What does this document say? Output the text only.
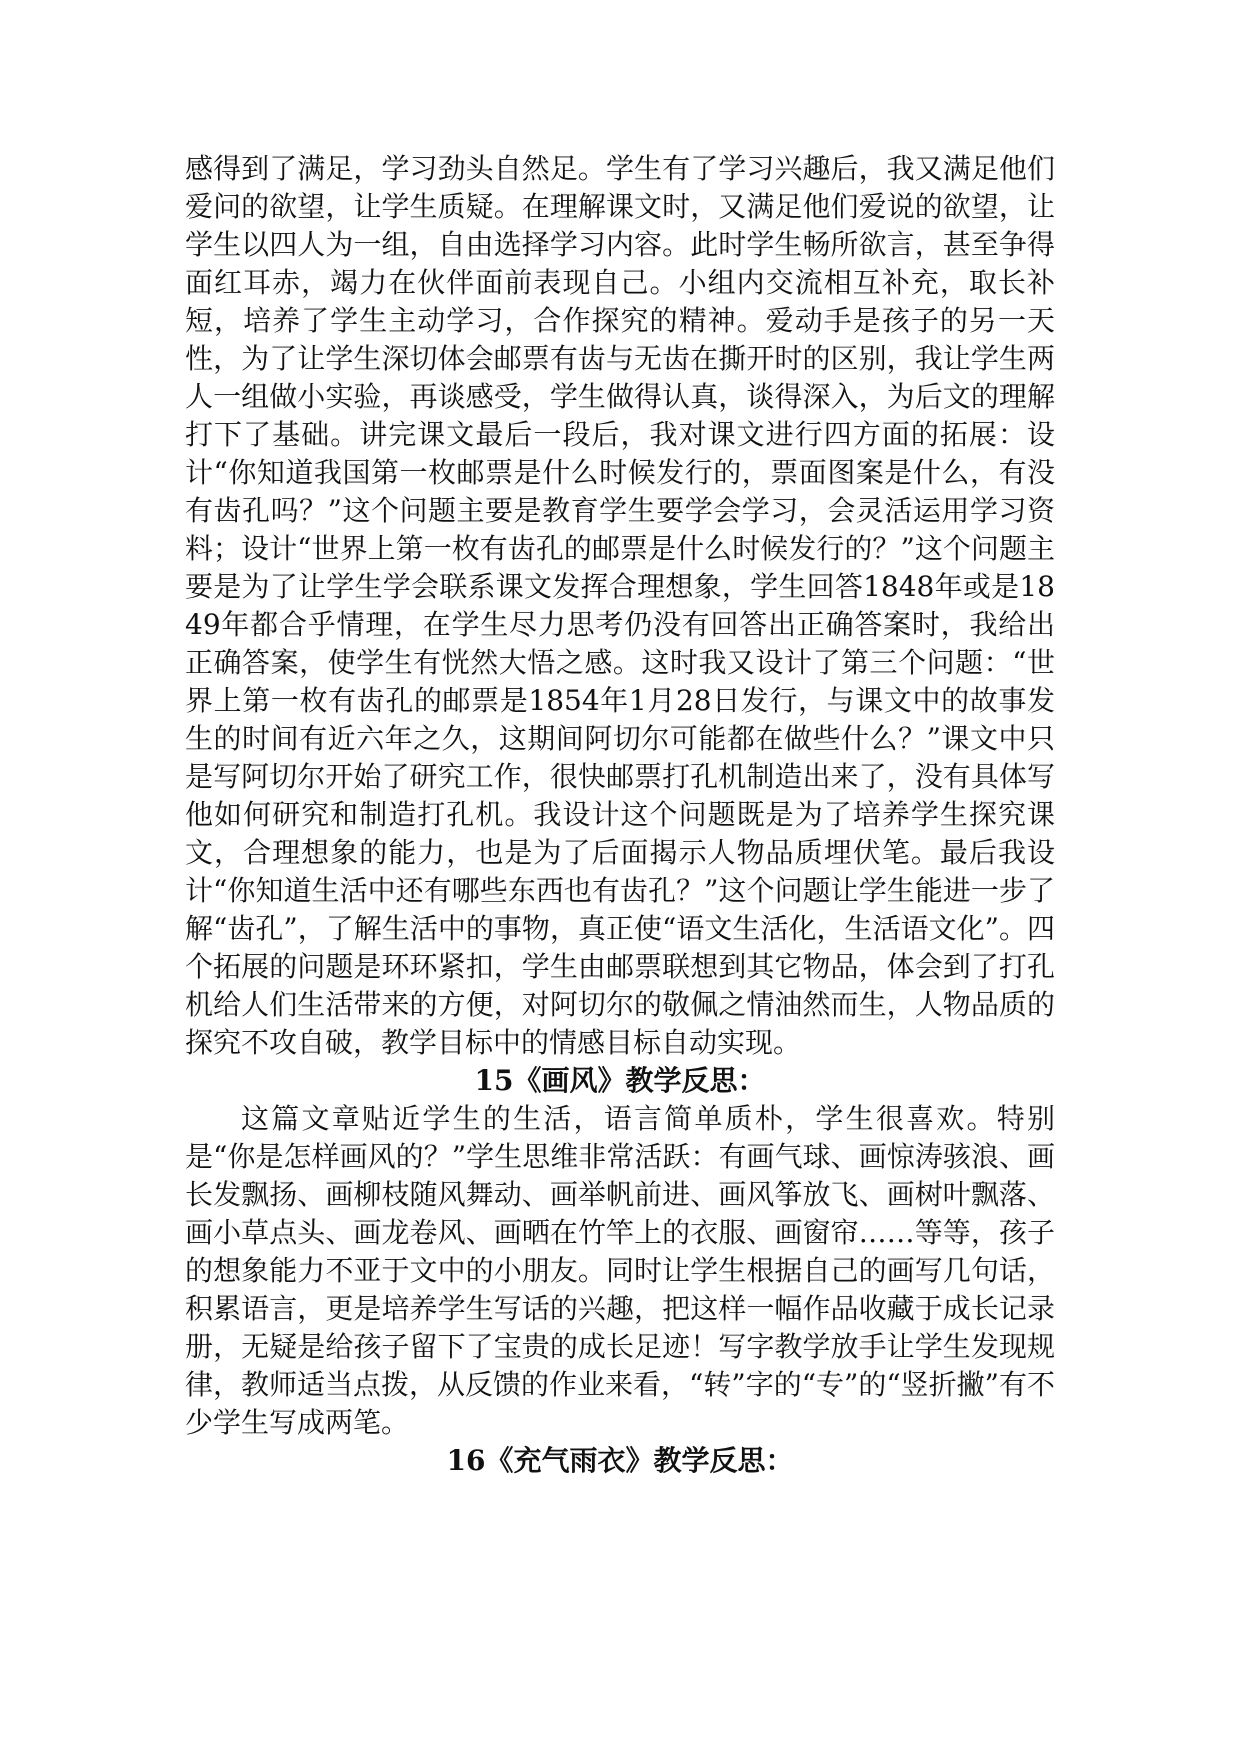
感得到了满足，学习劲头自然足。学生有了学习兴趣后，我又满足他们爱问的欲望，让学生质疑。在理解课文时，又满足他们爱说的欲望，让学生以四人为一组，自由选择学习内容。此时学生畅所欲言，甚至争得面红耳赤，竭力在伙伴面前表现自己。小组内交流相互补充，取长补短，培养了学生主动学习，合作探究的精神。爱动手是孩子的另一天性，为了让学生深切体会邮票有齿与无齿在撕开时的区别，我让学生两人一组做小实验，再谈感受，学生做得认真，谈得深入，为后文的理解打下了基础。讲完课文最后一段后，我对课文进行四方面的拓展：设计“你知道我国第一枚邮票是什么时候发行的，票面图案是什么，有没有齿孔吗？”这个问题主要是教育学生要学会学习，会灵活运用学习资料；设计“世界上第一枚有齿孔的邮票是什么时候发行的？”这个问题主要是为了让学生学会联系课文发挥合理想象，学生回答1848年或是1849年都合乎情理，在学生尽力思考仍没有回答出正确答案时，我给出正确答案，使学生有恍然大悟之感。这时我又设计了第三个问题：“世界上第一枚有齿孔的邮票是1854年1月28日发行，与课文中的故事发生的时间有近六年之久，这期间阿切尔可能都在做些什么？”课文中只是写阿切尔开始了研究工作，很快邮票打孔机制造出来了，没有具体写他如何研究和制造打孔机。我设计这个问题既是为了培养学生探究课文，合理想象的能力，也是为了后面揭示人物品质埋伏笔。最后我设计“你知道生活中还有哪些东西也有齿孔？”这个问题让学生能进一步了解“齿孔”，了解生活中的事物，真正使“语文生活化，生活语文化”。四个拓展的问题是环环紧扣，学生由邮票联想到其它物品，体会到了打孔机给人们生活带来的方便，对阿切尔的敬佩之情油然而生，人物品质的探究不攻自破，教学目标中的情感目标自动实现。

15《画风》教学反思：

这篇文章贴近学生的生活，语言简单质朴，学生很喜欢。特别是“你是怎样画风的？”学生思维非常活跃：有画气球、画惊涛骇浪、画长发飘扬、画柳枝随风舞动、画举帆前进、画风筝放飞、画树叶飘落、画小草点头、画龙卷风、画晒在竹竿上的衣服、画窗帘……等等，孩子的想象能力不亚于文中的小朋友。同时让学生根据自己的画写几句话，积累语言，更是培养学生写话的兴趣，把这样一幅作品收藏于成长记录册，无疑是给孩子留下了宝贵的成长足迹！写字教学放手让学生发现规律，教师适当点拨，从反馈的作业来看，“转”字的“专”的“竖折撇”有不少学生写成两笔。

16《充气雨衣》教学反思：
